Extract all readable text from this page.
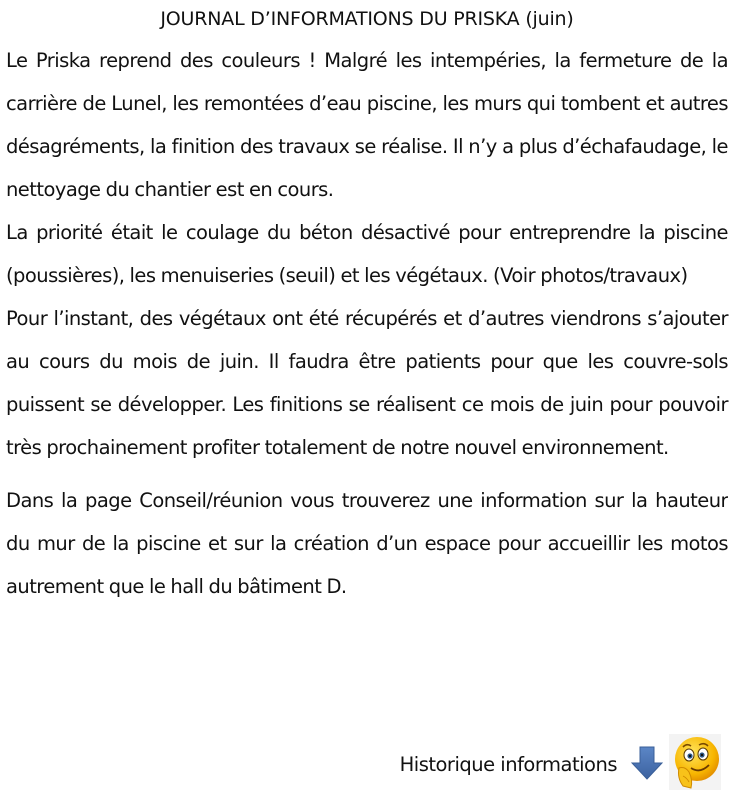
JOURNAL D’INFORMATIONS DU PRISKA (juin)

Le Priska reprend des couleurs ! Malgré les intempéries, la fermeture de la carrière de Lunel, les remontées d’eau piscine, les murs qui tombent et autres désagréments, la finition des travaux se réalise. Il n’y a plus d’échafaudage, le nettoyage du chantier est en cours.

La priorité était le coulage du béton désactivé pour entreprendre la piscine (poussières), les menuiseries (seuil) et les végétaux. (Voir photos/travaux)

Pour l’instant, des végétaux ont été récupérés et d’autres viendrons s’ajouter au cours du mois de juin. Il faudra être patients pour que les couvre-sols puissent se développer. Les finitions se réalisent ce mois de juin pour pouvoir très prochainement profiter totalement de notre nouvel environnement.

Dans la page Conseil/réunion vous trouverez une information sur la hauteur du mur de la piscine et sur la création d’un espace pour accueillir les motos autrement que le hall du bâtiment D.

Historique informations
